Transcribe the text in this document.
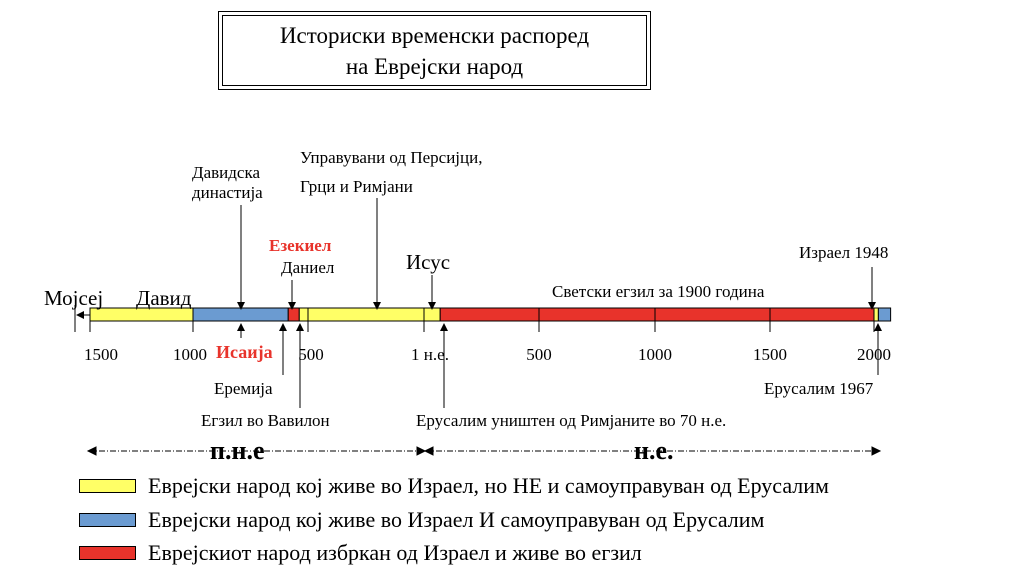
Историски временски распоред
на Евреjски народ
Мојсеј Давид
Давидска
династија
Управувани од Персијци,
Грци и Римјани
Езекиел
Даниел	Исус	Израел 1948
Светски егзил за 1900 година
1500	1000	500	1 н.е.	500	1000	1500	2000
Исаија
Еремија
Егзил во Вавилон	Ерусалим уништен од Римјаните во 70 н.е.
Ерусалим 1967
п.н.е	н.е.
Евреjски народ кој живе во Израел, но НЕ и самоуправуван од Ерусалим
Евреjски народ кој живе во Израел И самоуправуван од Ерусалим
Евреjскиот народ избркан од Израел и живе во егзил
